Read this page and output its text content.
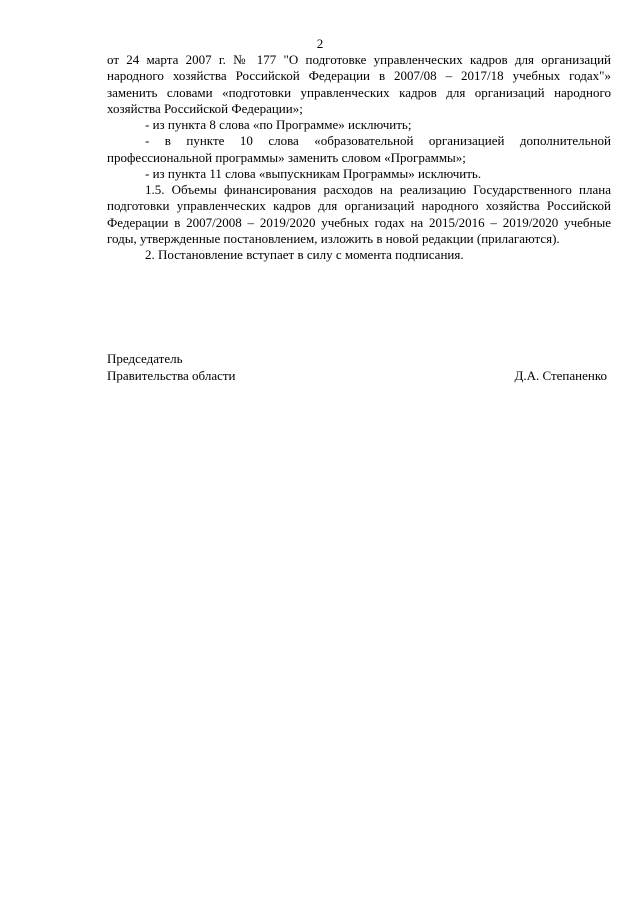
2

от 24 марта 2007 г. № 177 "О подготовке управленческих кадров для организаций народного хозяйства Российской Федерации в 2007/08 – 2017/18 учебных годах"» заменить словами «подготовки управленческих кадров для организаций народного хозяйства Российской Федерации»;

- из пункта 8 слова «по Программе» исключить;

- в пункте 10 слова «образовательной организацией дополнительной профессиональной программы» заменить словом «Программы»;

- из пункта 11 слова «выпускникам Программы» исключить.

1.5. Объемы финансирования расходов на реализацию Государственного плана подготовки управленческих кадров для организаций народного хозяйства Российской Федерации в 2007/2008 – 2019/2020 учебных годах на 2015/2016 – 2019/2020 учебные годы, утвержденные постановлением, изложить в новой редакции (прилагаются).

2. Постановление вступает в силу с момента подписания.

Председатель
Правительства области	Д.А. Степаненко
